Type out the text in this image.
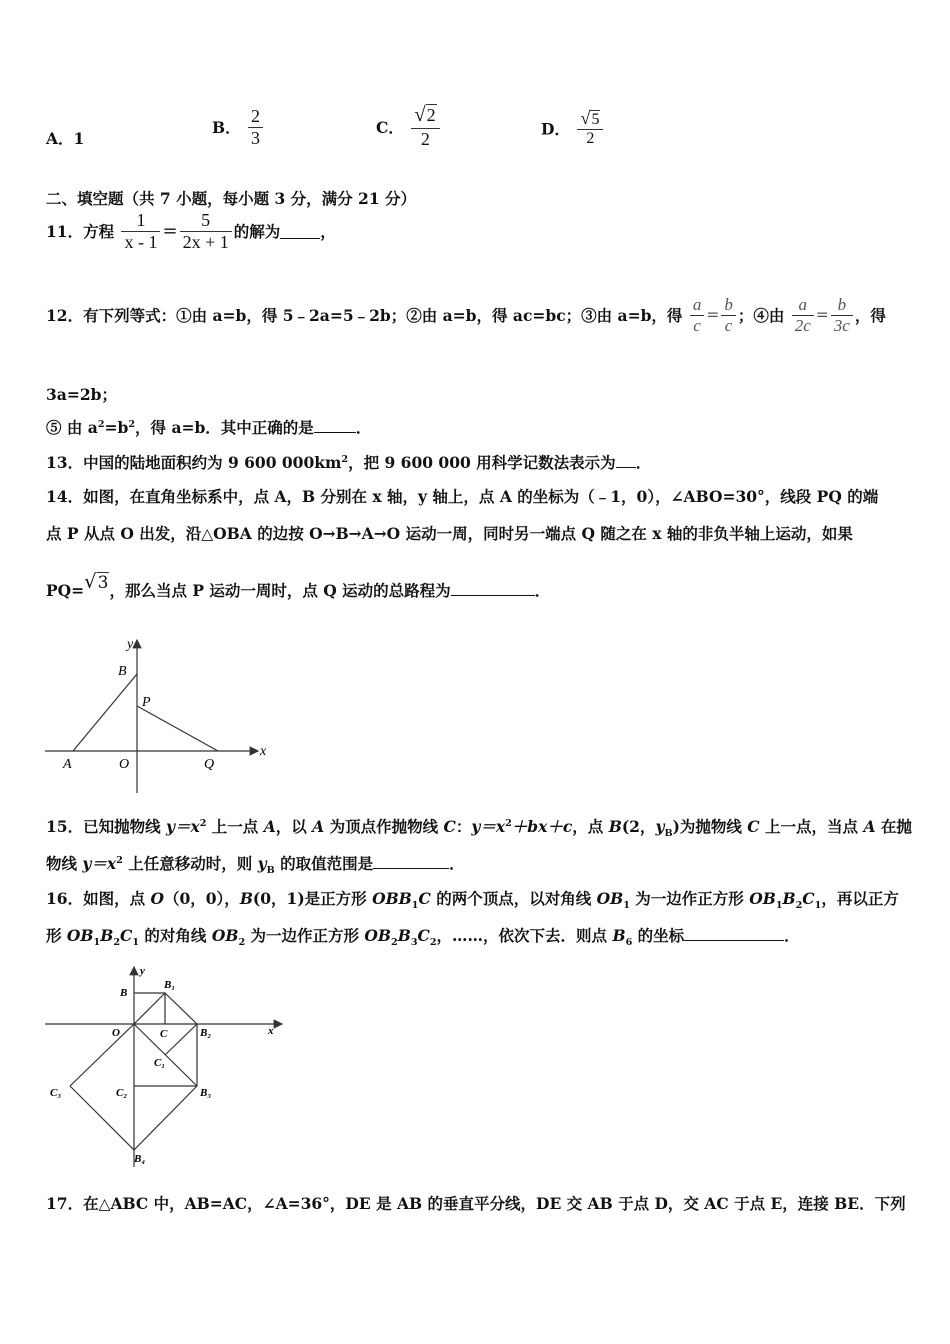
A．1
B． $\frac{2}{3}$	C． $\frac{√2}{2}$	D． $\frac{√5}{2}$
二、填空题（共 7 小题，每小题 3 分，满分 21 分）
11．方程 $\frac{1}{x - 1} = \frac{5}{2x + 1}$ 的解为	，
12．有下列等式：①由 a=b，得 5﹣2a=5﹣2b；②由 a=b，得 ac=bc；③由 a=b，得 $\frac{a}{c} = \frac{b}{c}$ ；④由 $\frac{a}{2c} = \frac{b}{3c}$ ，得
3a=2b；
⑤ 由 $a^2=b^2$，得 a=b．其中正确的是	．
13．中国的陆地面积约为 9 600 $000km^2$，把 9 600 000 用科学记数法表示为 ．
14．如图，在直角坐标系中，点 A，B 分别在 x 轴，y 轴上，点 A 的坐标为（﹣1，0），∠ABO=30°，线段 PQ 的端
点 P 从点 O 出发，沿△OBA 的边按 O→B→A→O 运动一周，同时另一端点 Q 随之在 x 轴的非负半轴上运动，如果
PQ=√3，那么当点 P 运动一周时，点 Q 运动的总路程为	．
y
x
B
P
A	O	Q
15．已知抛物线 $y=x^2$ 上一点 A，以 A 为顶点作抛物线 C：$y=x^2+bx+c$，点 B(2，$y_B$)为抛物线 C 上一点，当点 A 在抛
物线 $y=x^2$ 上任意移动时，则 $y_B$ 的取值范围是	．
16．如图，点 O（0，0），B(0，1)是正方形 $OBB_1C$ 的两个顶点，以对角线 $OB_1$ 为一边作正方形 $OB_1B_2C_1$，再以正方
形 $OB_1B_2C_1$ 的对角线 $OB_2$ 为一边作正方形 $OB_2B_3C_2$，……，依次下去．则点 $B_6$ 的坐标	．
y
x
B
B₁
O	C	B₂
C₁
C₃	C₂	B₃
B₄
17．在△ABC 中，AB=AC，∠A=36°，DE 是 AB 的垂直平分线，DE 交 AB 于点 D，交 AC 于点 E，连接 BE．下列
